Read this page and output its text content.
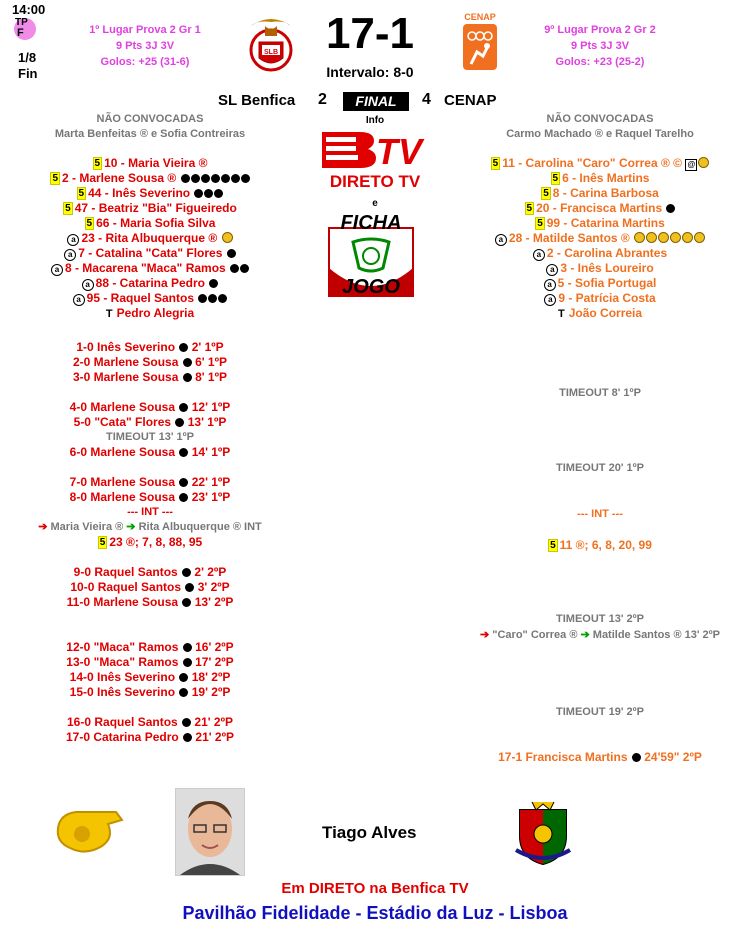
14:00
TP
F
1/8
Fin
1º Lugar Prova 2 Gr 1
9 Pts 3J 3V
Golos: +25 (31-6)
SLB	17-1
Intervalo: 8-0
CENAP
9º Lugar Prova 2 Gr 2
9 Pts 3J 3V
Golos: +23 (25-2)
SL Benfica 2	FINAL	4 CENAP
Info
TV
DIRETO TV
e
FICHA
JOGO
NÃO CONVOCADAS
Marta Benfeitas ® e Sofia Contreiras
5 10 - Maria Vieira ®
5 2 - Marlene Sousa ®
5 44 - Inês Severino
5 47 - Beatriz "Bia" Figueiredo
5 66 - Maria Sofia Silva
a 23 - Rita Albuquerque ®
a 7 - Catalina "Cata" Flores
a 8 - Macarena "Maca" Ramos
a 88 - Catarina Pedro
a 95 - Raquel Santos
T Pedro Alegria
1-0 Inês Severino 2' 1ºP
2-0 Marlene Sousa 6' 1ºP
3-0 Marlene Sousa 8' 1ºP
4-0 Marlene Sousa 12' 1ºP
5-0 "Cata" Flores 13' 1ºP
TIMEOUT 13' 1ºP
6-0 Marlene Sousa 14' 1ºP
7-0 Marlene Sousa 22' 1ºP
8-0 Marlene Sousa 23' 1ºP
--- INT ---
➔ Maria Vieira ® ➔ Rita Albuquerque ® INT
5 23 ®; 7, 8, 88, 95
9-0 Raquel Santos 2' 2ºP
10-0 Raquel Santos 3' 2ºP
11-0 Marlene Sousa 13' 2ºP
12-0 "Maca" Ramos 16' 2ºP
13-0 "Maca" Ramos 17' 2ºP
14-0 Inês Severino 18' 2ºP
15-0 Inês Severino 19' 2ºP
16-0 Raquel Santos 21' 2ºP
17-0 Catarina Pedro 21' 2ºP
NÃO CONVOCADAS
Carmo Machado ® e Raquel Tarelho
5 11 - Carolina "Caro" Correa ® © @
5 6 - Inês Martins
5 8 - Carina Barbosa
5 20 - Francisca Martins
5 99 - Catarina Martins
a 28 - Matilde Santos ®
a 2 - Carolina Abrantes
a 3 - Inês Loureiro
a 5 - Sofia Portugal
a 9 - Patrícia Costa
T João Correia
TIMEOUT 8' 1ºP
TIMEOUT 20' 1ºP
--- INT ---
5 11 ®; 6, 8, 20, 99
TIMEOUT 13' 2ºP
➔ "Caro" Correa ® ➔ Matilde Santos ® 13' 2ºP
TIMEOUT 19' 2ºP
17-1 Francisca Martins 24'59" 2ºP
Tiago Alves
Em DIRETO na Benfica TV
Pavilhão Fidelidade - Estádio da Luz - Lisboa
